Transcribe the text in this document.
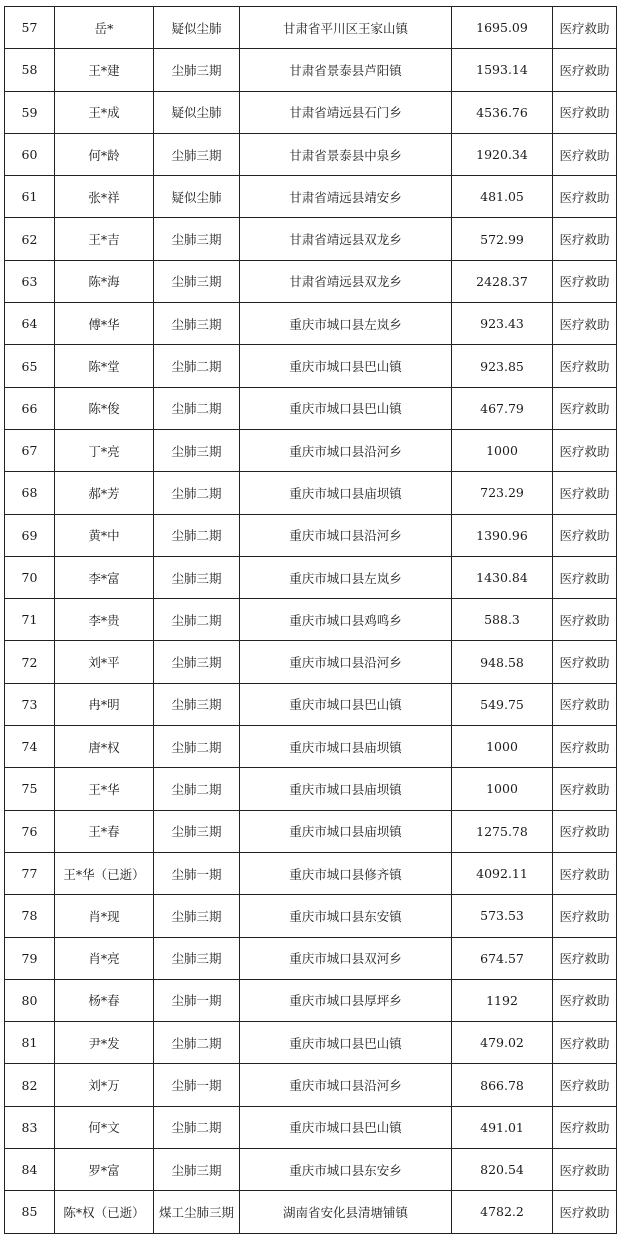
57	岳*	疑似尘肺	甘肃省平川区王家山镇	1695.09	医疗救助
58	王*建	尘肺三期	甘肃省景泰县芦阳镇	1593.14	医疗救助
59	王*成	疑似尘肺	甘肃省靖远县石门乡	4536.76	医疗救助
60	何*龄	尘肺三期	甘肃省景泰县中泉乡	1920.34	医疗救助
61	张*祥	疑似尘肺	甘肃省靖远县靖安乡	481.05	医疗救助
62	王*吉	尘肺三期	甘肃省靖远县双龙乡	572.99	医疗救助
63	陈*海	尘肺三期	甘肃省靖远县双龙乡	2428.37	医疗救助
64	傅*华	尘肺三期	重庆市城口县左岚乡	923.43	医疗救助
65	陈*堂	尘肺二期	重庆市城口县巴山镇	923.85	医疗救助
66	陈*俊	尘肺二期	重庆市城口县巴山镇	467.79	医疗救助
67	丁*亮	尘肺三期	重庆市城口县沿河乡	1000	医疗救助
68	郝*芳	尘肺二期	重庆市城口县庙坝镇	723.29	医疗救助
69	黄*中	尘肺二期	重庆市城口县沿河乡	1390.96	医疗救助
70	李*富	尘肺三期	重庆市城口县左岚乡	1430.84	医疗救助
71	李*贵	尘肺二期	重庆市城口县鸡鸣乡	588.3	医疗救助
72	刘*平	尘肺三期	重庆市城口县沿河乡	948.58	医疗救助
73	冉*明	尘肺三期	重庆市城口县巴山镇	549.75	医疗救助
74	唐*权	尘肺二期	重庆市城口县庙坝镇	1000	医疗救助
75	王*华	尘肺二期	重庆市城口县庙坝镇	1000	医疗救助
76	王*春	尘肺三期	重庆市城口县庙坝镇	1275.78	医疗救助
77	王*华（已逝）	尘肺一期	重庆市城口县修齐镇	4092.11	医疗救助
78	肖*现	尘肺三期	重庆市城口县东安镇	573.53	医疗救助
79	肖*亮	尘肺三期	重庆市城口县双河乡	674.57	医疗救助
80	杨*春	尘肺一期	重庆市城口县厚坪乡	1192	医疗救助
81	尹*发	尘肺二期	重庆市城口县巴山镇	479.02	医疗救助
82	刘*万	尘肺一期	重庆市城口县沿河乡	866.78	医疗救助
83	何*文	尘肺二期	重庆市城口县巴山镇	491.01	医疗救助
84	罗*富	尘肺三期	重庆市城口县东安乡	820.54	医疗救助
85	陈*权（已逝）	煤工尘肺三期	湖南省安化县清塘铺镇	4782.2	医疗救助
